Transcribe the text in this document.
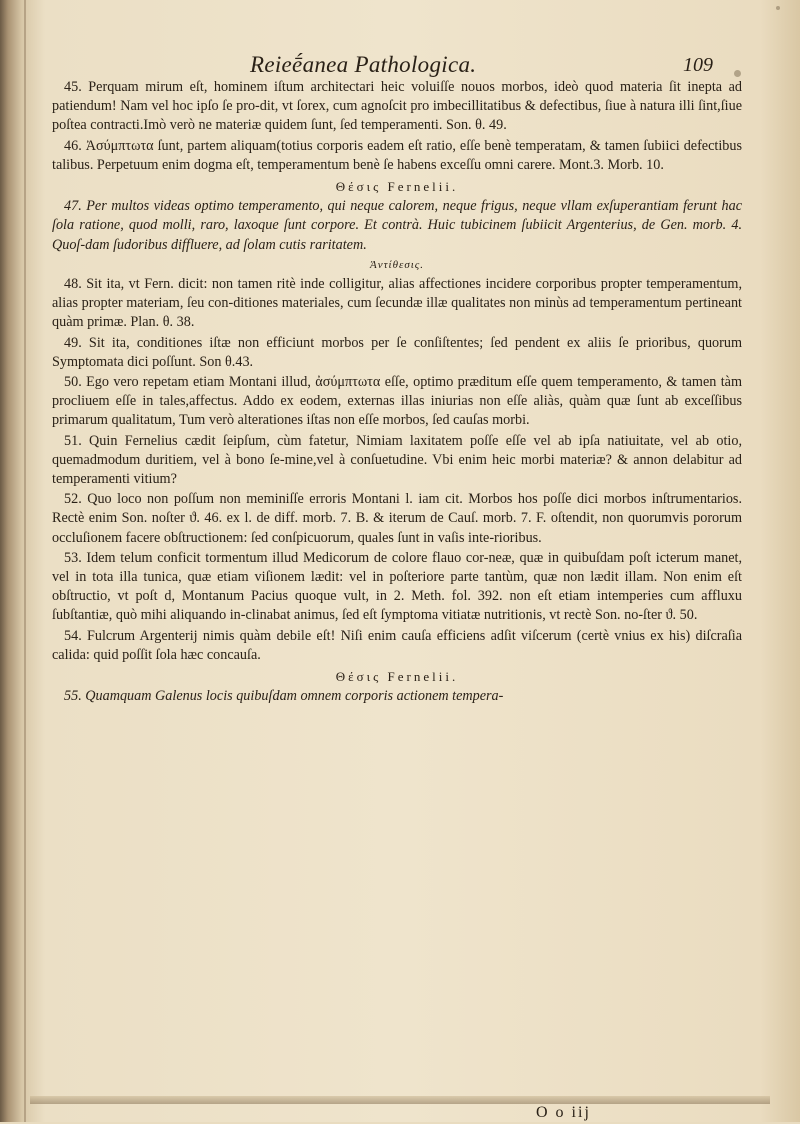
Reieḗanea Pathologica.	109

45. Perquam mirum eſt, hominem iſtum architectari heic voluiſſe nouos morbos, ideò quod materia ſit inepta ad patiendum! Nam vel hoc ipſo ſe pro-dit, vt ſorex, cum agnoſcit pro imbecillitatibus & defectibus, ſiue à natura illi ſint,ſiue poſtea contracti.Imò verò ne materiæ quidem ſunt, ſed temperamenti. Son. θ. 49.

46. Ἀσύμπτωτα ſunt, partem aliquam(totius corporis eadem eſt ratio, eſſe benè temperatam, & tamen ſubiici defectibus talibus. Perpetuum enim dogma eſt, temperamentum benè ſe habens exceſſu omni carere. Mont.3. Morb. 10.

Θέσις Fernelii.

47. Per multos videas optimo temperamento, qui neque calorem, neque frigus, neque vllam exſuperantiam ferunt hac ſola ratione, quod molli, raro, laxoque ſunt corpore. Et contrà. Huic tubicinem ſubiicit Argenterius, de Gen. morb. 4. Quoſ-dam ſudoribus diffluere, ad ſolam cutis raritatem.

Ἀντίθεσις.

48. Sit ita, vt Fern. dicit: non tamen ritè inde colligitur, alias affectiones incidere corporibus propter temperamentum, alias propter materiam, ſeu con-ditiones materiales, cum ſecundæ illæ qualitates non minùs ad temperamentum pertineant quàm primæ. Plan. θ. 38.

49. Sit ita, conditiones iſtæ non efficiunt morbos per ſe conſiſtentes; ſed pendent ex aliis ſe prioribus, quorum Symptomata dici poſſunt. Son θ.43.

50. Ego vero repetam etiam Montani illud, ἀσύμπτωτα eſſe, optimo præditum eſſe quem temperamento, & tamen tàm procliuem eſſe in tales,affectus. Addo ex eodem, externas illas iniurias non eſſe aliàs, quàm quæ ſunt ab exceſſibus primarum qualitatum, Tum verò alterationes iſtas non eſſe morbos, ſed cauſas morbi.

51. Quin Fernelius cædit ſeipſum, cùm fatetur, Nimiam laxitatem poſſe eſſe vel ab ipſa natiuitate, vel ab otio, quemadmodum duritiem, vel à bono ſe-mine,vel à conſuetudine. Vbi enim heic morbi materiæ? & annon delabitur ad temperamenti vitium?

52. Quo loco non poſſum non meminiſſe erroris Montani l. iam cit. Morbos hos poſſe dici morbos inſtrumentarios. Rectè enim Son. noſter ϑ. 46. ex l. de diff. morb. 7. B. & iterum de Cauſ. morb. 7. F. oſtendit, non quorumvis pororum occluſionem facere obſtructionem: ſed conſpicuorum, quales ſunt in vaſis inte-rioribus.

53. Idem telum conficit tormentum illud Medicorum de colore flauo cor-neæ, quæ in quibuſdam poſt icterum manet, vel in tota illa tunica, quæ etiam viſionem lædit: vel in poſteriore parte tantùm, quæ non lædit illam. Non enim eſt obſtructio, vt poſt d, Montanum Pacius quoque vult, in 2. Meth. fol. 392. non eſt etiam intemperies cum affluxu ſubſtantiæ, quò mihi aliquando in-clinabat animus, ſed eſt ſymptoma vitiatæ nutritionis, vt rectè Son. no-ſter ϑ. 50.

54. Fulcrum Argenterij nimis quàm debile eſt! Niſi enim cauſa efficiens adſit viſcerum (certè vnius ex his) diſcraſia calida: quid poſſit ſola hæc concauſa.

Θέσις Fernelii.

55. Quamquam Galenus locis quibuſdam omnem corporis actionem tempera-

O o iij
